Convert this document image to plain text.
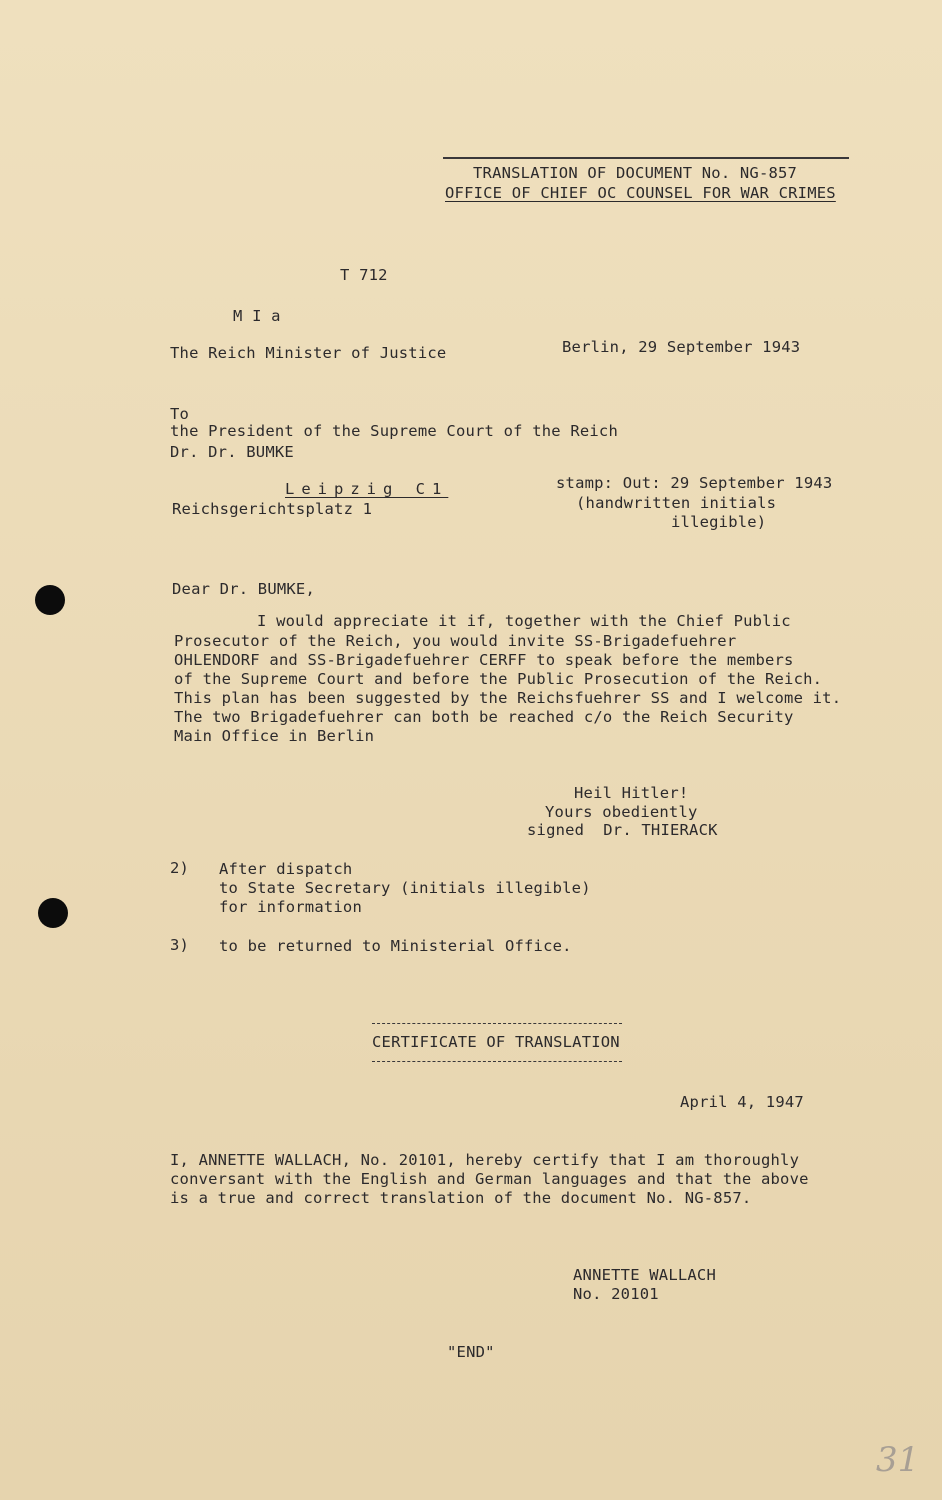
TRANSLATION OF DOCUMENT No. NG-857
OFFICE OF CHIEF OC COUNSEL FOR WAR CRIMES
T 712
M I a
The Reich Minister of Justice	Berlin, 29 September 1943
To
the President of the Supreme Court of the Reich
Dr. Dr. BUMKE
Leipzig C1
Reichsgerichtsplatz 1
stamp: Out: 29 September 1943
(handwritten initials
illegible)
Dear Dr. BUMKE,
I would appreciate it if, together with the Chief Public
Prosecutor of the Reich, you would invite SS-Brigadefuehrer
OHLENDORF and SS-Brigadefuehrer CERFF to speak before the members
of the Supreme Court and before the Public Prosecution of the Reich.
This plan has been suggested by the Reichsfuehrer SS and I welcome it.
The two Brigadefuehrer can both be reached c/o the Reich Security
Main Office in Berlin
Heil Hitler!
Yours obediently
signed  Dr. THIERACK
2) After dispatch
to State Secretary (initials illegible)
for information
3) to be returned to Ministerial Office.
CERTIFICATE OF TRANSLATION
April 4, 1947
I, ANNETTE WALLACH, No. 20101, hereby certify that I am thoroughly
conversant with the English and German languages and that the above
is a true and correct translation of the document No. NG-857.
ANNETTE WALLACH
No. 20101
"END"
31
